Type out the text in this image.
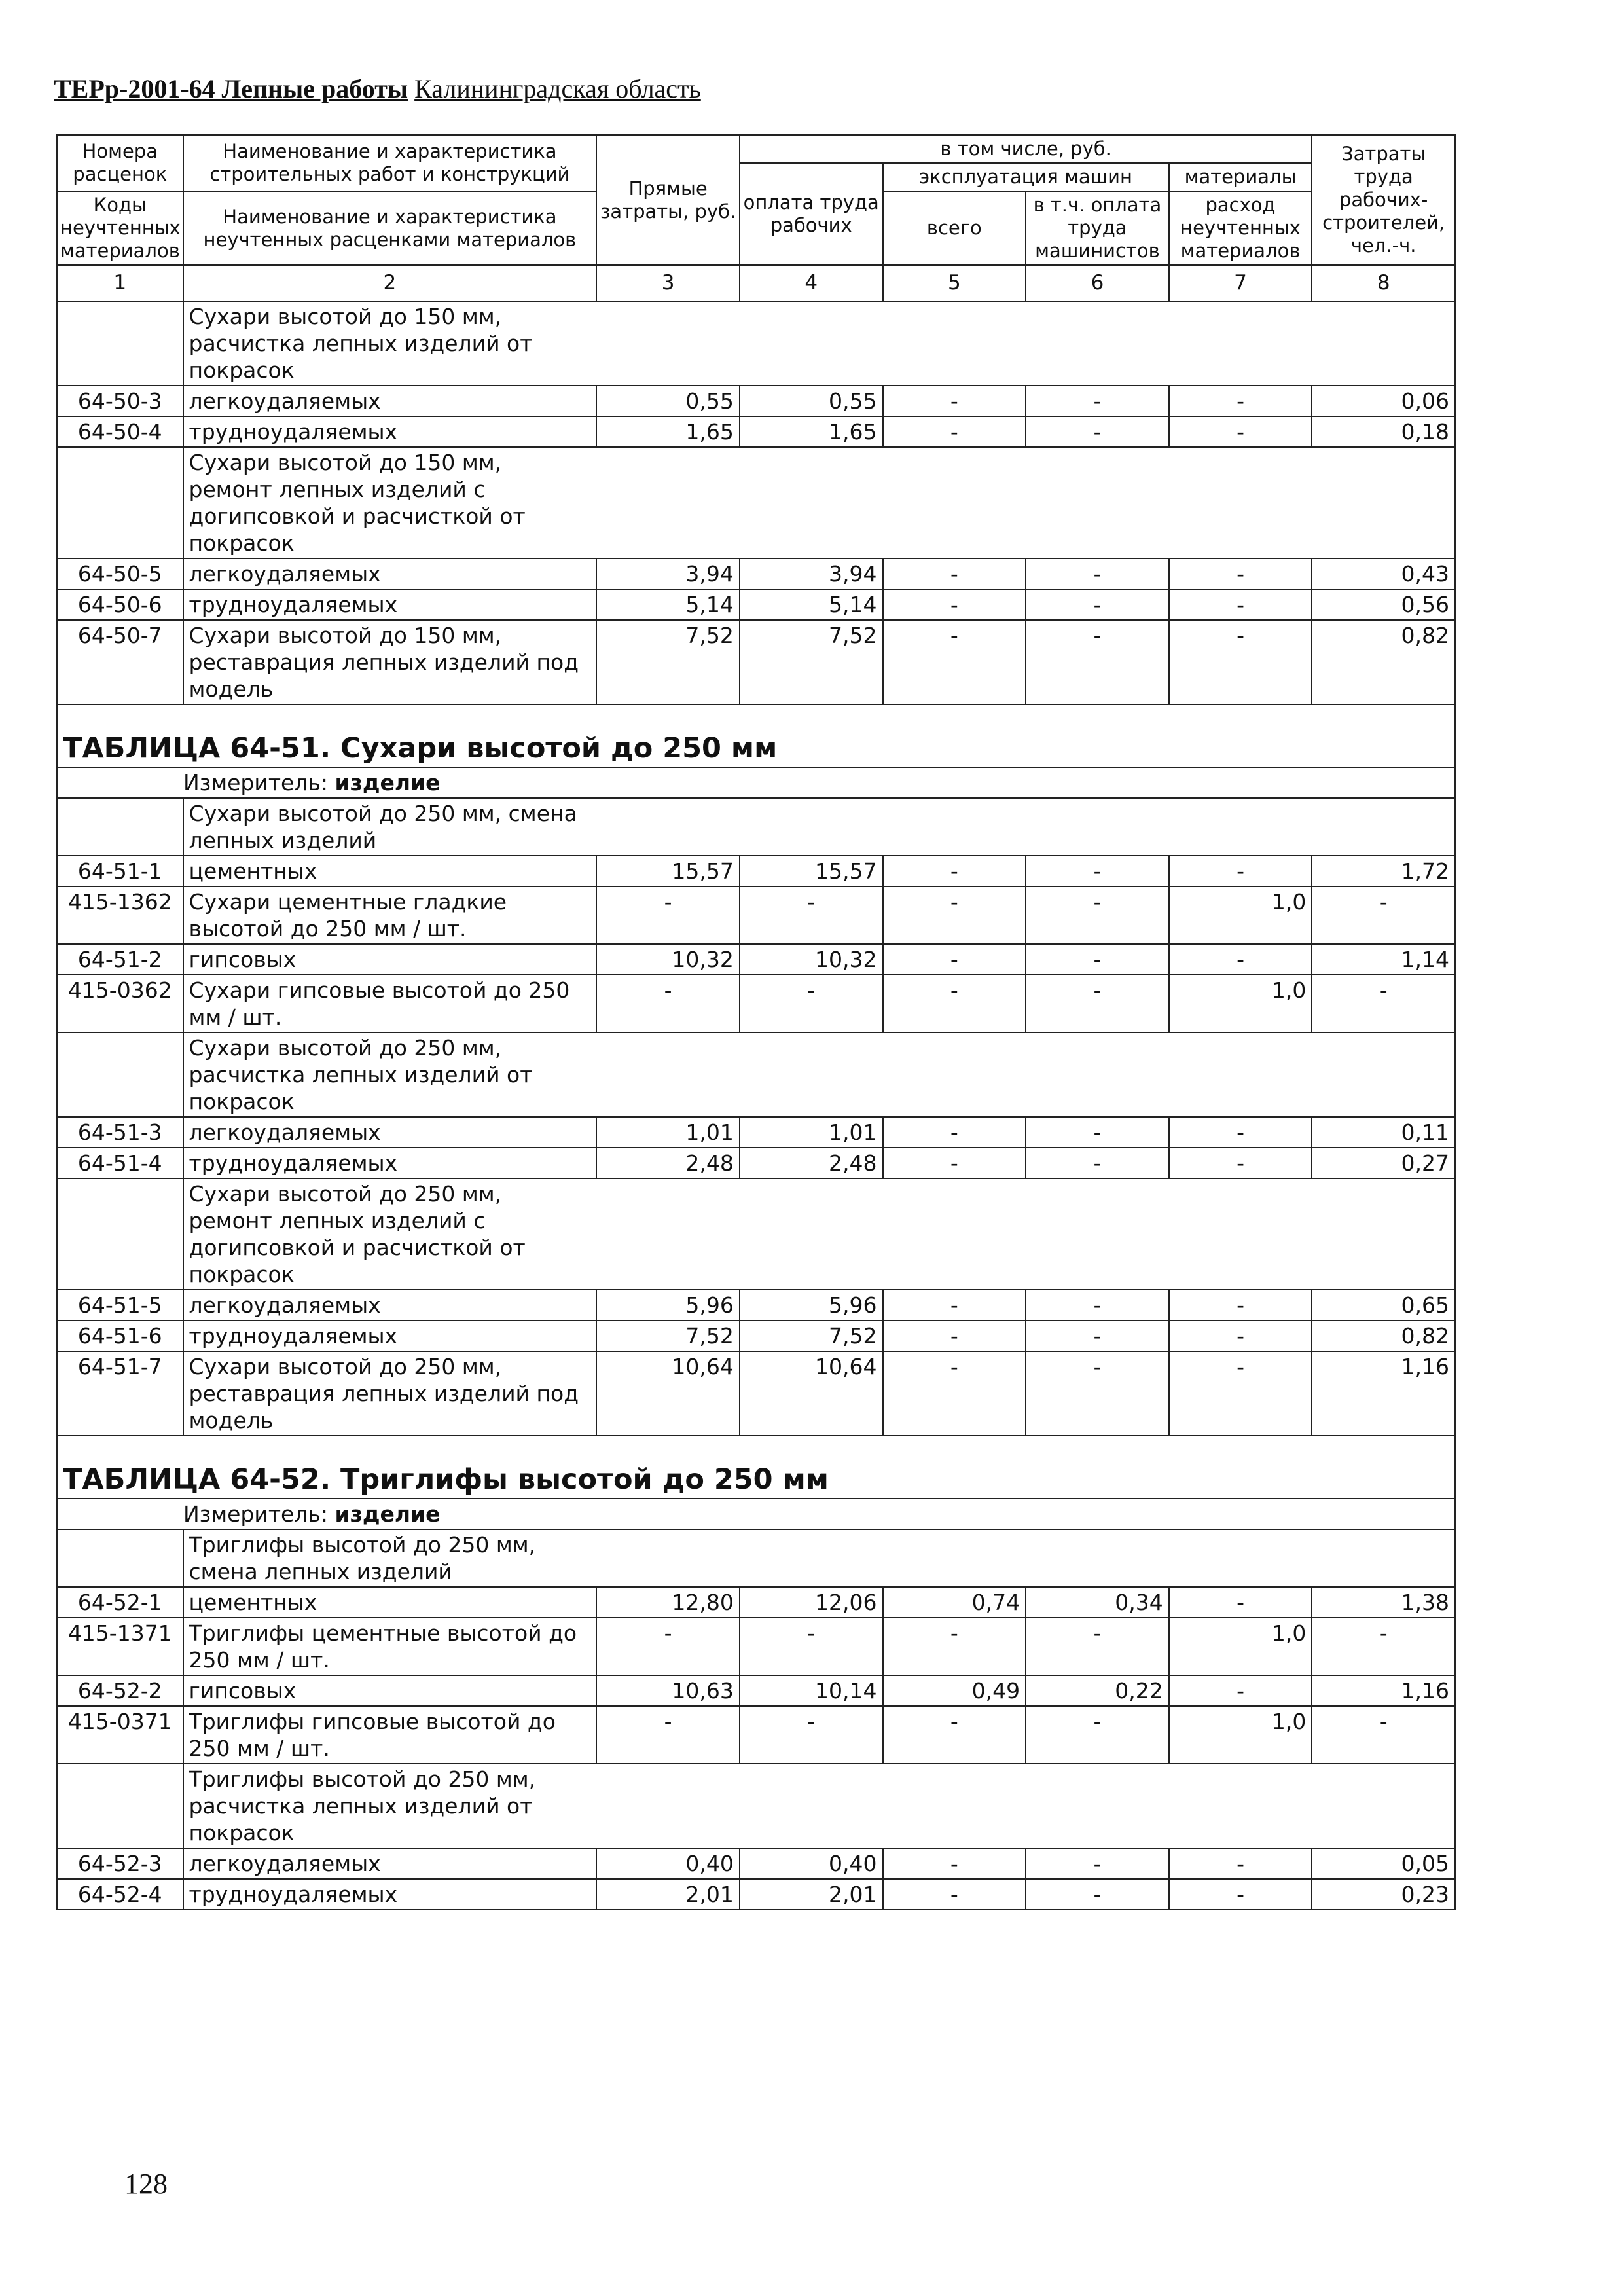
ТЕРр-2001-64 Лепные работы Калининградская область
Номера расценок	Наименование и характеристика строительных работ и конструкций	Прямые затраты, руб.	в том числе, руб.				Затраты труда рабочих-строителей, чел.-ч.
			оплата труда рабочих	эксплуатация машин		материалы	
Коды неучтенных материалов	Наименование и характеристика неучтенных расценками материалов			всего	в т.ч. оплата труда машинистов	расход неучтенных материалов	

1	2	3	4	5	6	7	8
	Сухари высотой до 150 мм, расчистка лепных изделий от покрасок						
64-50-3	легкоудаляемых	0,55	0,55	-	-	-	0,06
64-50-4	трудноудаляемых	1,65	1,65	-	-	-	0,18
	Сухари высотой до 150 мм, ремонт лепных изделий с догипсовкой и расчисткой от покрасок						
64-50-5	легкоудаляемых	3,94	3,94	-	-	-	0,43
64-50-6	трудноудаляемых	5,14	5,14	-	-	-	0,56
64-50-7	Сухари высотой до 150 мм, реставрация лепных изделий под модель	7,52	7,52	-	-	-	0,82
ТАБЛИЦА 64-51. Сухари высотой до 250 мм							
Измеритель: изделие							
	Сухари высотой до 250 мм, смена лепных изделий						
64-51-1	цементных	15,57	15,57	-	-	-	1,72
415-1362	Сухари цементные гладкие высотой до 250 мм / шт.	-	-	-	-	1,0	-
64-51-2	гипсовых	10,32	10,32	-	-	-	1,14
415-0362	Сухари гипсовые высотой до 250 мм / шт.	-	-	-	-	1,0	-
	Сухари высотой до 250 мм, расчистка лепных изделий от покрасок						
64-51-3	легкоудаляемых	1,01	1,01	-	-	-	0,11
64-51-4	трудноудаляемых	2,48	2,48	-	-	-	0,27
	Сухари высотой до 250 мм, ремонт лепных изделий с догипсовкой и расчисткой от покрасок						
64-51-5	легкоудаляемых	5,96	5,96	-	-	-	0,65
64-51-6	трудноудаляемых	7,52	7,52	-	-	-	0,82
64-51-7	Сухари высотой до 250 мм, реставрация лепных изделий под модель	10,64	10,64	-	-	-	1,16
ТАБЛИЦА 64-52. Триглифы высотой до 250 мм							
Измеритель: изделие							
	Триглифы высотой до 250 мм, смена лепных изделий						
64-52-1	цементных	12,80	12,06	0,74	0,34	-	1,38
415-1371	Триглифы цементные высотой до 250 мм / шт.	-	-	-	-	1,0	-
64-52-2	гипсовых	10,63	10,14	0,49	0,22	-	1,16
415-0371	Триглифы гипсовые высотой до 250 мм / шт.	-	-	-	-	1,0	-
	Триглифы высотой до 250 мм, расчистка лепных изделий от покрасок						
64-52-3	легкоудаляемых	0,40	0,40	-	-	-	0,05
64-52-4	трудноудаляемых	2,01	2,01	-	-	-	0,23
128
